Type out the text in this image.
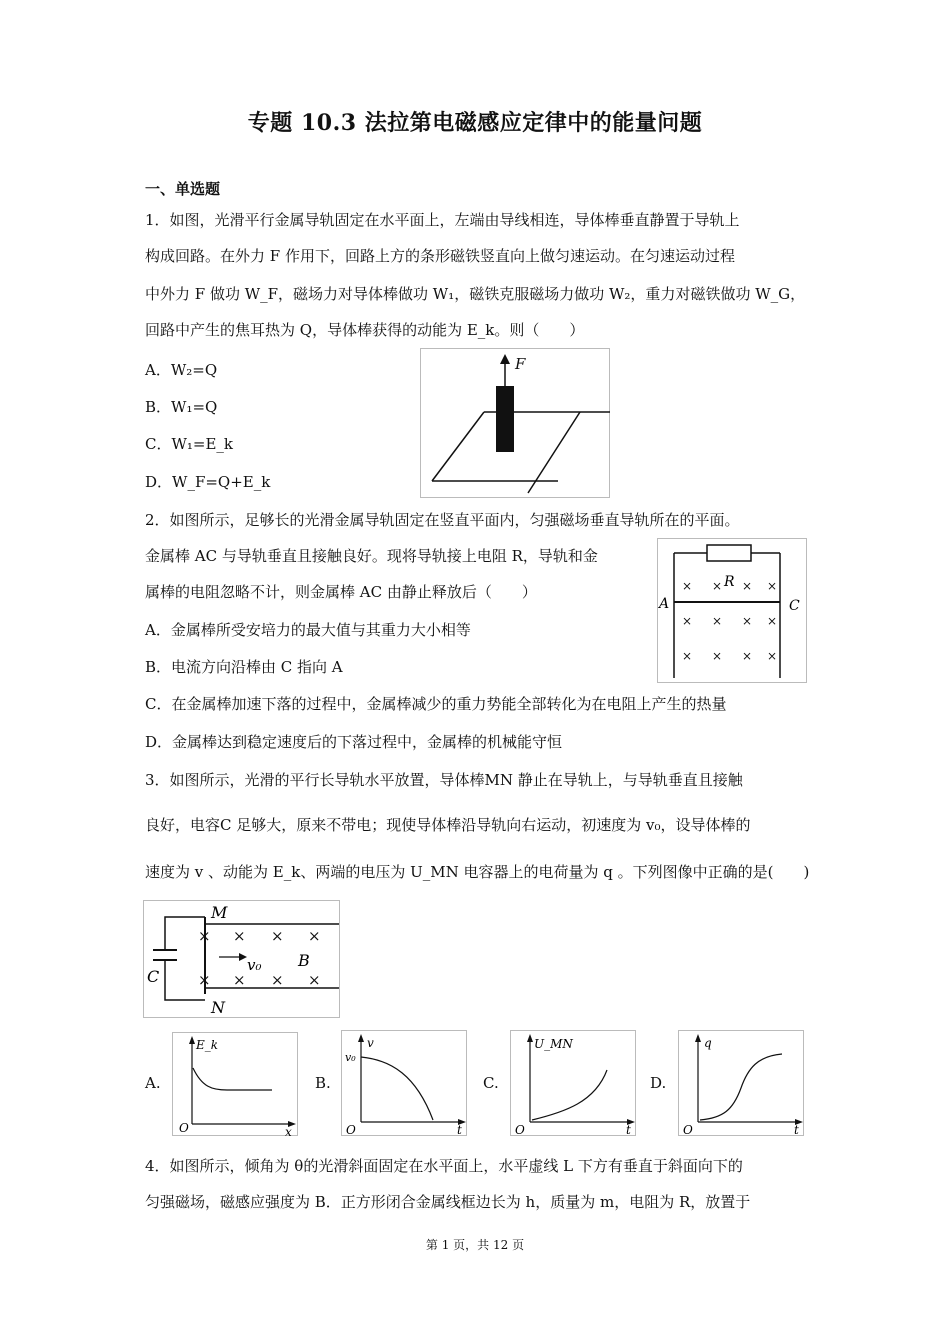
专题 10.3 法拉第电磁感应定律中的能量问题
一、单选题
1．如图，光滑平行金属导轨固定在水平面上，左端由导线相连，导体棒垂直静置于导轨上
构成回路。在外力 F 作用下，回路上方的条形磁铁竖直向上做匀速运动。在匀速运动过程
中外力 F 做功 W_F，磁场力对导体棒做功 W₁，磁铁克服磁场力做功 W₂，重力对磁铁做功 W_G，
回路中产生的焦耳热为 Q，导体棒获得的动能为 E_k。则（　　）
A．W₂=Q
B．W₁=Q
C．W₁=E_k
D．W_F=Q+E_k
F
2．如图所示，足够长的光滑金属导轨固定在竖直平面内，匀强磁场垂直导轨所在的平面。
金属棒 AC 与导轨垂直且接触良好。现将导轨接上电阻 R，导轨和金
属棒的电阻忽略不计，则金属棒 AC 由静止释放后（　　）
A．金属棒所受安培力的最大值与其重力大小相等
B．电流方向沿棒由 C 指向 A
C．在金属棒加速下落的过程中，金属棒减少的重力势能全部转化为在电阻上产生的热量
D．金属棒达到稳定速度后的下落过程中，金属棒的机械能守恒
R
A	C
× × × ×
× × × ×
× × × ×
3．如图所示，光滑的平行长导轨水平放置，导体棒MN 静止在导轨上，与导轨垂直且接触
良好，电容C 足够大，原来不带电；现使导体棒沿导轨向右运动，初速度为 v₀，设导体棒的
速度为 v 、动能为 E_k、两端的电压为 U_MN 电容器上的电荷量为 q 。下列图像中正确的是(　　)
M
N
C
v₀ B
× × × ×
× × × ×
A.
E_k
x
O
B.
v
v₀
t
O
C.
U_MN
t
O
D.
q
t
O
4．如图所示，倾角为 θ的光滑斜面固定在水平面上，水平虚线 L 下方有垂直于斜面向下的
匀强磁场，磁感应强度为 B．正方形闭合金属线框边长为 h，质量为 m，电阻为 R，放置于
第 1 页，共 12 页
